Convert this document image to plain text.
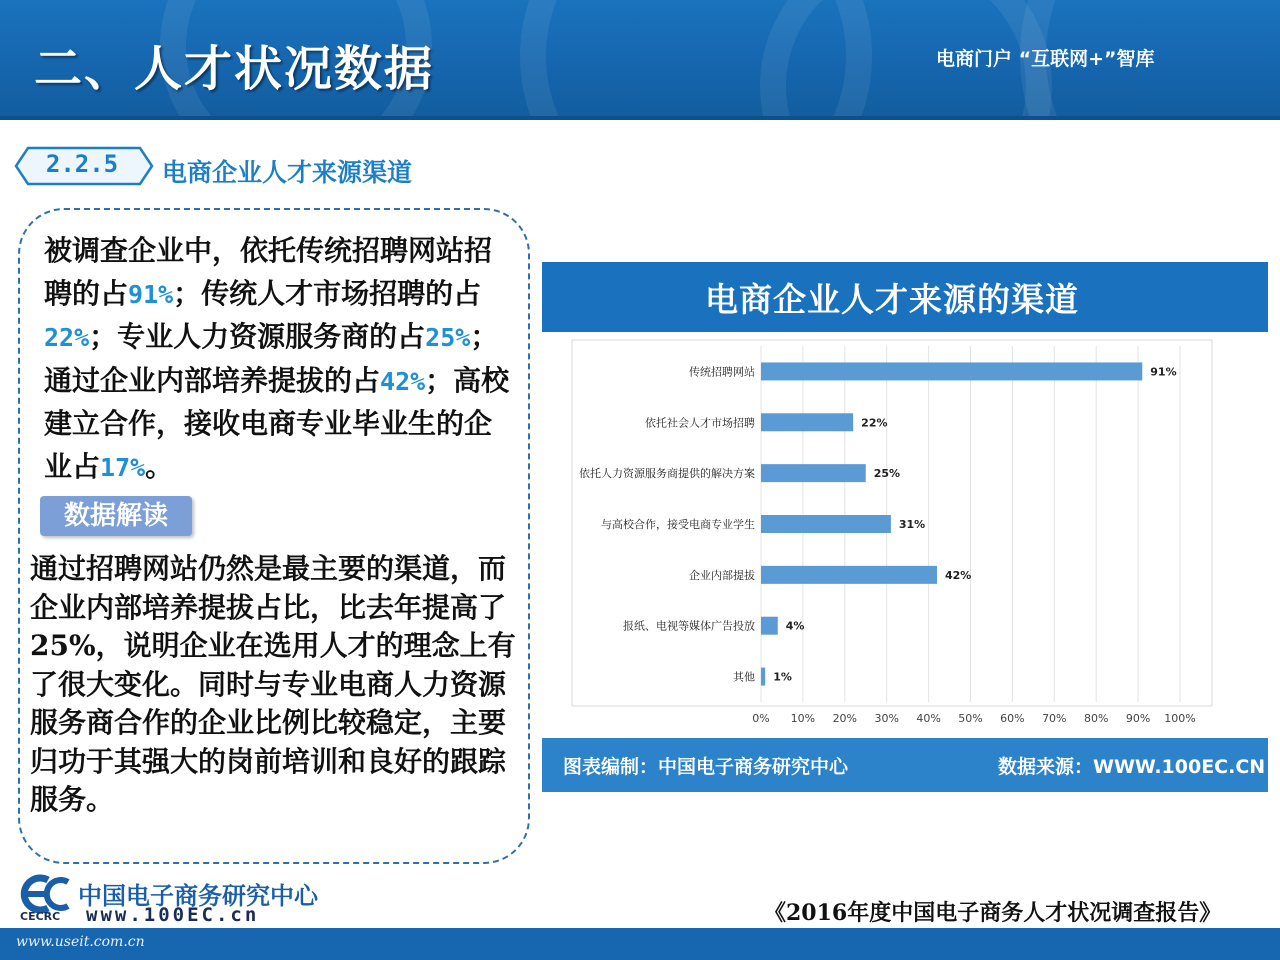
二、人才状况数据	电商门户 “互联网+”智库
2.2.5	电商企业人才来源渠道
被调查企业中，依托传统招聘网站招聘的占91%；传统人才市场招聘的占22%；专业人力资源服务商的占25%；通过企业内部培养提拔的占42%；高校建立合作，接收电商专业毕业生的企业占17%。
数据解读
通过招聘网站仍然是最主要的渠道，而企业内部培养提拔占比，比去年提高了25%，说明企业在选用人才的理念上有了很大变化。同时与专业电商人力资源服务商合作的企业比例比较稳定，主要归功于其强大的岗前培训和良好的跟踪服务。
电商企业人才来源的渠道
0% 10% 20% 30% 40% 50% 60% 70% 80% 90% 100%
传统招聘网站	91%
依托社会人才市场招聘	22%
依托人力资源服务商提供的解决方案	25%
与高校合作，接受电商专业学生	31%
企业内部提拔	42%
报纸、电视等媒体广告投放	4%
其他 1%
图表编制：中国电子商务研究中心	数据来源：WWW.100EC.CN
中国电子商务研究中心
CECRC www.100EC.cn	《2016年度中国电子商务人才状况调查报告》
www.useit.com.cn
